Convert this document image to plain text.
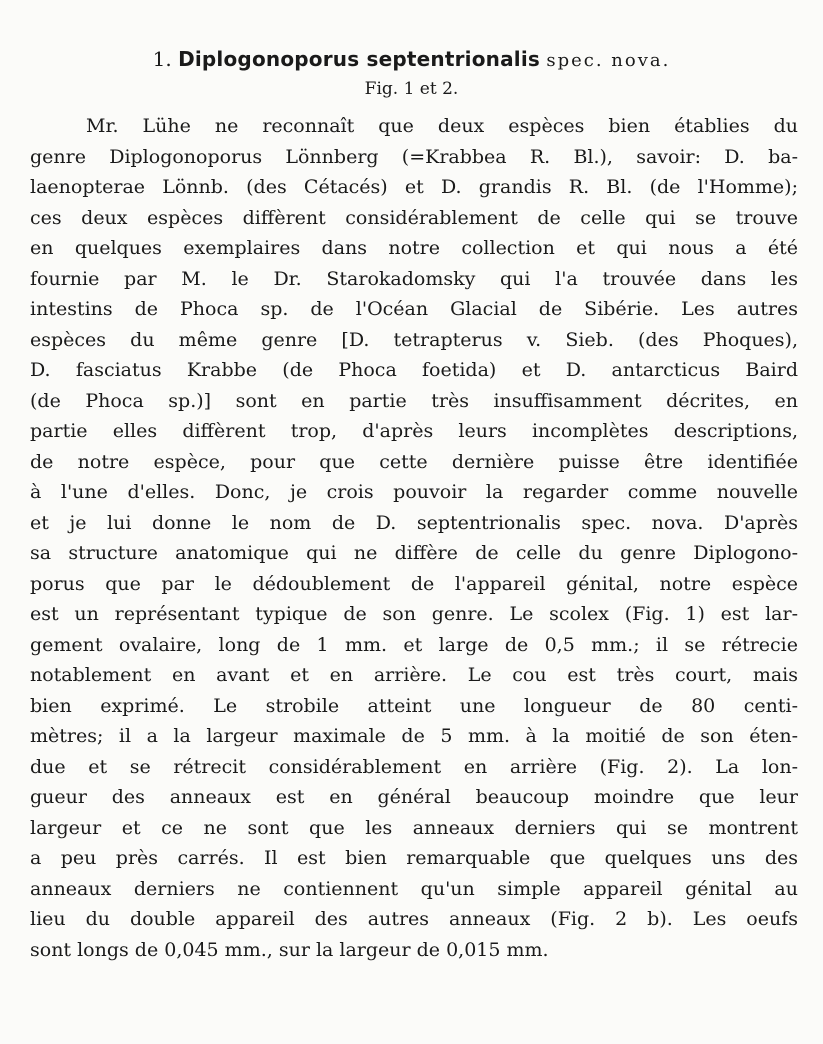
1. Diplogonoporus septentrionalis spec. nova.
Fig. 1 et 2.
Mr. Lühe ne reconnaît que deux espèces bien établies du
genre Diplogonoporus Lönnberg (=Krabbea R. Bl.), savoir: D. ba-
laenopterae Lönnb. (des Cétacés) et D. grandis R. Bl. (de l'Homme);
ces deux espèces diffèrent considérablement de celle qui se trouve
en quelques exemplaires dans notre collection et qui nous a été
fournie par M. le Dr. Starokadomsky qui l'a trouvée dans les
intestins de Phoca sp. de l'Océan Glacial de Sibérie. Les autres
espèces du même genre [D. tetrapterus v. Sieb. (des Phoques),
D. fasciatus Krabbe (de Phoca foetida) et D. antarcticus Baird
(de Phoca sp.)] sont en partie très insuffisamment décrites, en
partie elles diffèrent trop, d'après leurs incomplètes descriptions,
de notre espèce, pour que cette dernière puisse être identifiée
à l'une d'elles. Donc, je crois pouvoir la regarder comme nouvelle
et je lui donne le nom de D. septentrionalis spec. nova. D'après
sa structure anatomique qui ne diffère de celle du genre Diplogono-
porus que par le dédoublement de l'appareil génital, notre espèce
est un représentant typique de son genre. Le scolex (Fig. 1) est lar-
gement ovalaire, long de 1 mm. et large de 0,5 mm.; il se rétrecie
notablement en avant et en arrière. Le cou est très court, mais
bien exprimé. Le strobile atteint une longueur de 80 centi-
mètres; il a la largeur maximale de 5 mm. à la moitié de son éten-
due et se rétrecit considérablement en arrière (Fig. 2). La lon-
gueur des anneaux est en général beaucoup moindre que leur
largeur et ce ne sont que les anneaux derniers qui se montrent
a peu près carrés. Il est bien remarquable que quelques uns des
anneaux derniers ne contiennent qu'un simple appareil génital au
lieu du double appareil des autres anneaux (Fig. 2 b). Les oeufs
sont longs de 0,045 mm., sur la largeur de 0,015 mm.
